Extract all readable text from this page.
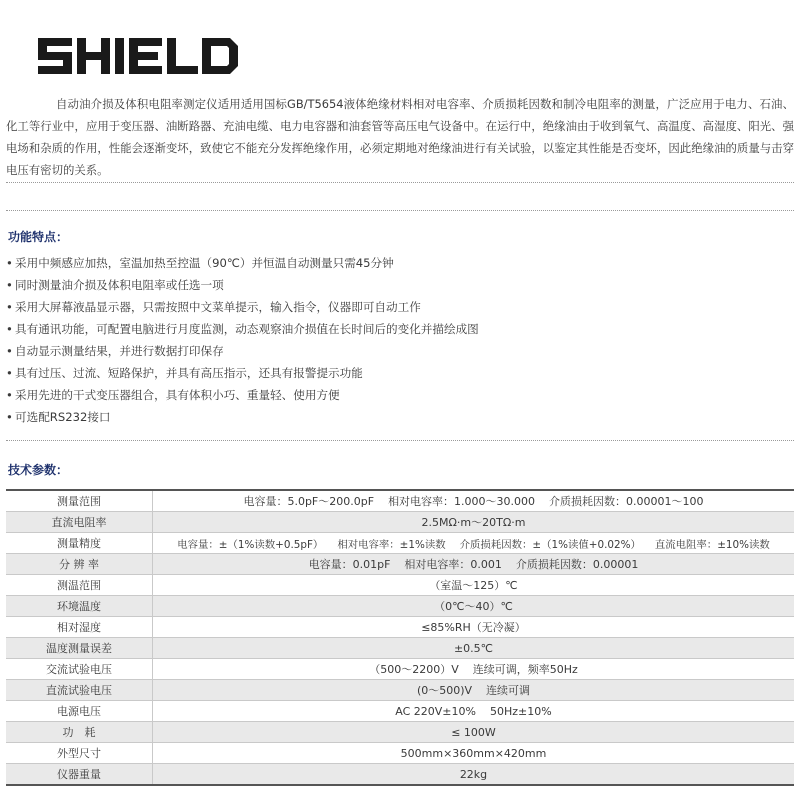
自动油介损及体积电阻率测定仪适用适用国标GB/T5654液体绝缘材料相对电容率、介质损耗因数和制冷电阻率的测量，广泛应用于电力、石油、化工等行业中，应用于变压器、油断路器、充油电缆、电力电容器和油套管等高压电气设备中。在运行中，绝缘油由于收到氧气、高温度、高湿度、阳光、强电场和杂质的作用，性能会逐渐变坏，致使它不能充分发挥绝缘作用，必须定期地对绝缘油进行有关试验，以鉴定其性能是否变坏，因此绝缘油的质量与击穿电压有密切的关系。

功能特点：
• 采用中频感应加热，室温加热至控温（90℃）并恒温自动测量只需45分钟
• 同时测量油介损及体积电阻率或任选一项
• 采用大屏幕液晶显示器，只需按照中文菜单提示，输入指令，仪器即可自动工作
• 具有通讯功能，可配置电脑进行月度监测，动态观察油介损值在长时间后的变化并描绘成图
• 自动显示测量结果，并进行数据打印保存
• 具有过压、过流、短路保护，并具有高压指示，还具有报警提示功能
• 采用先进的干式变压器组合，具有体积小巧、重量轻、使用方便
• 可选配RS232接口
技术参数：
测量范围	电容量：5.0pF～200.0pF 相对电容率：1.000～30.000 介质损耗因数：0.00001～100
直流电阻率	2.5MΩ·m～20TΩ·m
测量精度	电容量：±（1%读数+0.5pF） 相对电容率：±1%读数 介质损耗因数：±（1%读值+0.02%） 直流电阻率：±10%读数
分 辨 率	电容量：0.01pF 相对电容率：0.001 介质损耗因数：0.00001
测温范围	（室温～125）℃
环境温度	（0℃～40）℃
相对湿度	≤85%RH（无冷凝）
温度测量误差	±0.5℃
交流试验电压	（500～2200）V 连续可调，频率50Hz
直流试验电压	(0～500)V 连续可调
电源电压	AC 220V±10% 50Hz±10%
功　耗	≤ 100W
外型尺寸	500mm×360mm×420mm
仪器重量	22kg
